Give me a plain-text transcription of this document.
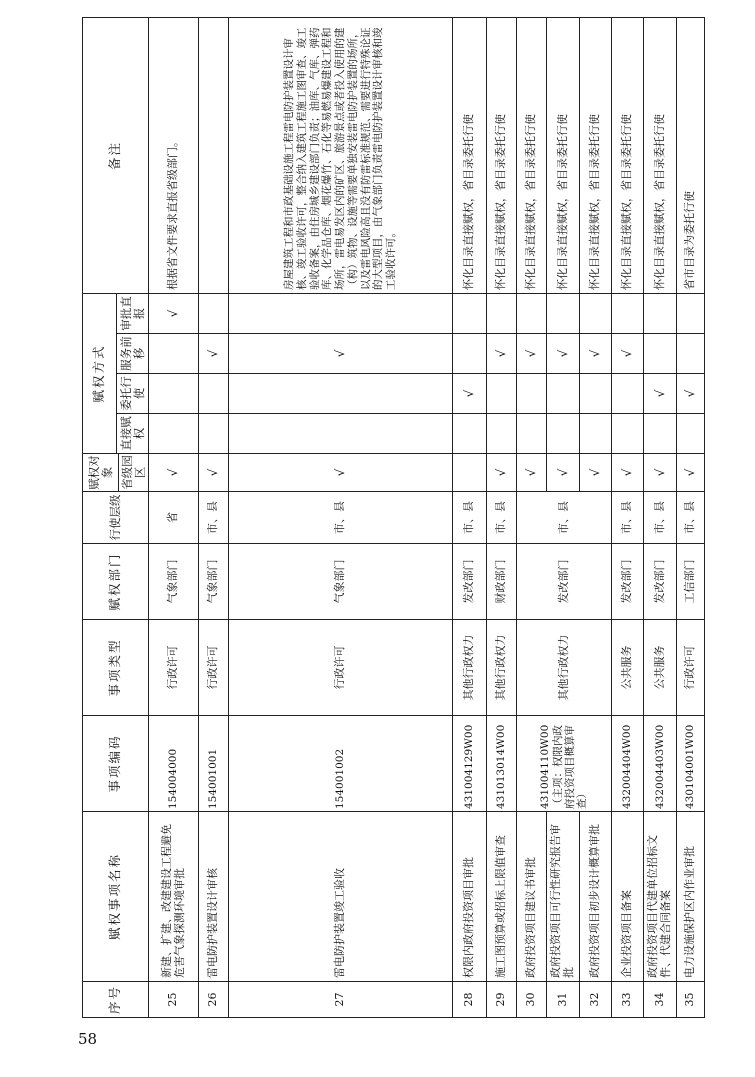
58
序号	赋权事项名称	事项编码	事项类型	赋权部门	行使层级	赋权对象	赋权方式				备注
							直接赋权	委托行使	服务前移	审批直报	
						省级园区					
25	新建、扩建、改建建设工程避免危害气象探测环境审批	154004000	行政许可	气象部门	省	√				√	根据省文件要求直报省级部门。
26	雷电防护装置设计审核	154001001	行政许可	气象部门	市、县	√			√		
27	雷电防护装置竣工验收	154001002	行政许可	气象部门	市、县	√			√		房屋建筑工程和市政基础设施工程雷电防护装置设计审核、竣工验收许可，整合纳入建筑工程施工图审查、竣工验收备案，由住房城乡建设部门负责；油库、气库、弹药库、化学品仓库、烟花爆竹、石化等易燃易爆建设工程和场所，雷电易发区内的矿区、旅游景点或者投入使用的建（构）筑物、设施等需要单独安装雷电防护装置的场所，以及雷电风险高且没有防雷标准规范、需要进行特殊论证的大型项目，由气象部门负责雷电防护装置设计审核和竣工验收许可。
28	权限内政府投资项目审批	431004129W00	其他行政权力	发改部门	市、县			√			怀化目录直接赋权，省目录委托行使
29	施工图预算或招标上限值审查	431013014W00	其他行政权力	财政部门	市、县	√			√		怀化目录直接赋权，省目录委托行使
30	政府投资项目建议书审批	431004110W00（主项：权限内政府投资项目概算审查）	其他行政权力	发改部门	市、县	√			√		怀化目录直接赋权，省目录委托行使
31	政府投资项目可行性研究报告审批					√			√		怀化目录直接赋权，省目录委托行使
32	政府投资项目初步设计概算审批					√			√		怀化目录直接赋权，省目录委托行使
33	企业投资项目备案	432004404W00	公共服务	发改部门	市、县	√			√		怀化目录直接赋权，省目录委托行使
34	政府投资项目代建单位招标文件、代建合同备案	432004403W00	公共服务	发改部门	市、县	√		√			怀化目录直接赋权，省目录委托行使
35	电力设施保护区内作业审批	430104001W00	行政许可	工信部门	市、县	√		√			省市目录为委托行使
